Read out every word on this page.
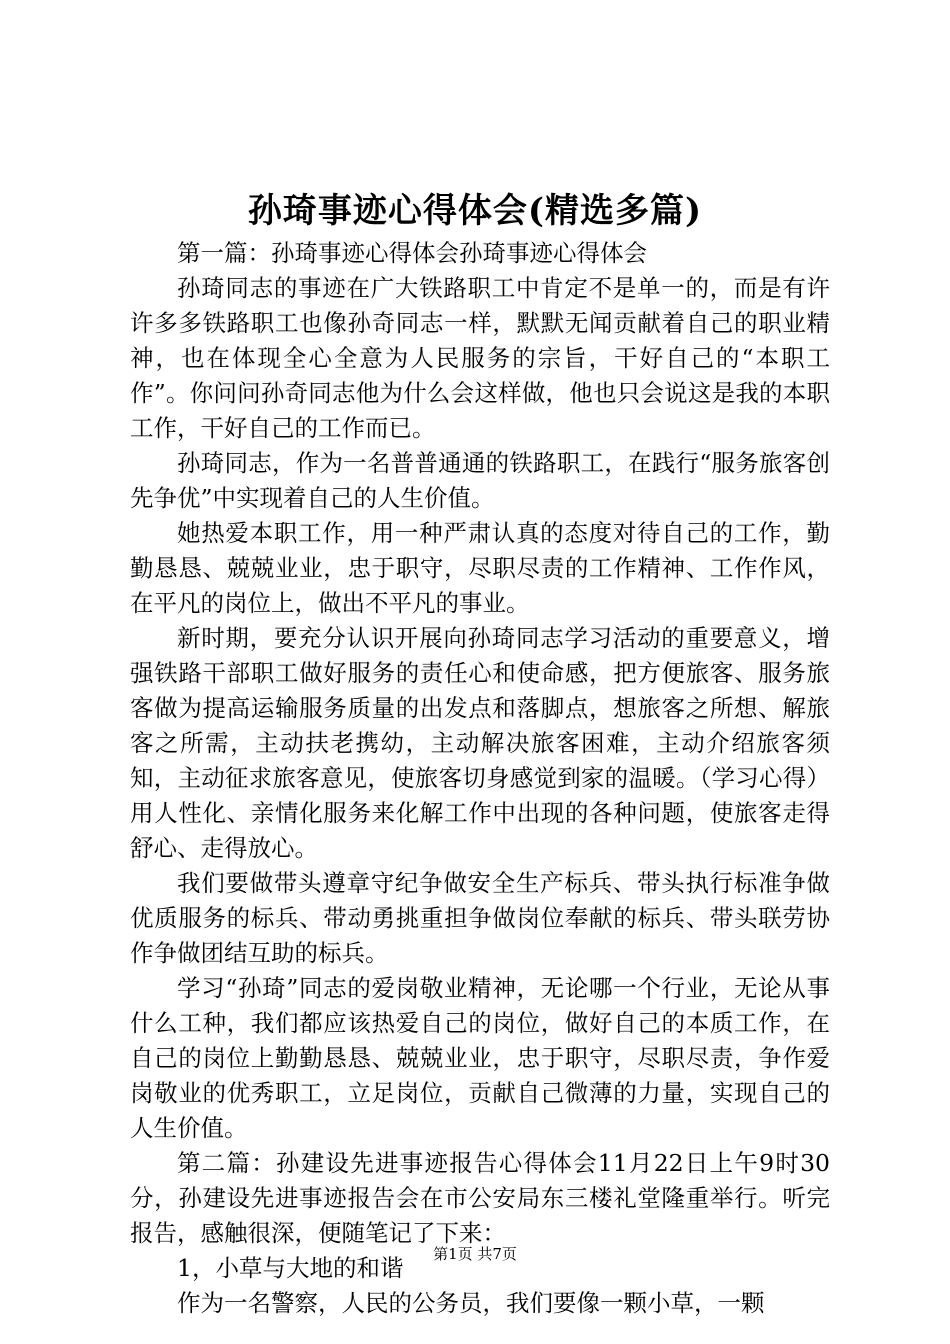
孙琦事迹心得体会(精选多篇)

第一篇：孙琦事迹心得体会孙琦事迹心得体会

孙琦同志的事迹在广大铁路职工中肯定不是单一的，而是有许许多多铁路职工也像孙奇同志一样，默默无闻贡献着自己的职业精神，也在体现全心全意为人民服务的宗旨，干好自己的“本职工作”。你问问孙奇同志他为什么会这样做，他也只会说这是我的本职工作，干好自己的工作而已。

孙琦同志，作为一名普普通通的铁路职工，在践行“服务旅客创先争优”中实现着自己的人生价值。

她热爱本职工作，用一种严肃认真的态度对待自己的工作，勤勤恳恳、兢兢业业，忠于职守，尽职尽责的工作精神、工作作风，在平凡的岗位上，做出不平凡的事业。

新时期，要充分认识开展向孙琦同志学习活动的重要意义，增强铁路干部职工做好服务的责任心和使命感，把方便旅客、服务旅客做为提高运输服务质量的出发点和落脚点，想旅客之所想、解旅客之所需，主动扶老携幼，主动解决旅客困难，主动介绍旅客须知，主动征求旅客意见，使旅客切身感觉到家的温暖。（学习心得）用人性化、亲情化服务来化解工作中出现的各种问题，使旅客走得舒心、走得放心。

我们要做带头遵章守纪争做安全生产标兵、带头执行标准争做优质服务的标兵、带动勇挑重担争做岗位奉献的标兵、带头联劳协作争做团结互助的标兵。

学习“孙琦”同志的爱岗敬业精神，无论哪一个行业，无论从事什么工种，我们都应该热爱自己的岗位，做好自己的本质工作，在自己的岗位上勤勤恳恳、兢兢业业，忠于职守，尽职尽责，争作爱岗敬业的优秀职工，立足岗位，贡献自己微薄的力量，实现自己的人生价值。

第二篇：孙建设先进事迹报告心得体会11月22日上午9时30分，孙建设先进事迹报告会在市公安局东三楼礼堂隆重举行。听完报告，感触很深，便随笔记了下来：

1，小草与大地的和谐

作为一名警察，人民的公务员，我们要像一颗小草，一颗

第1页 共7页
